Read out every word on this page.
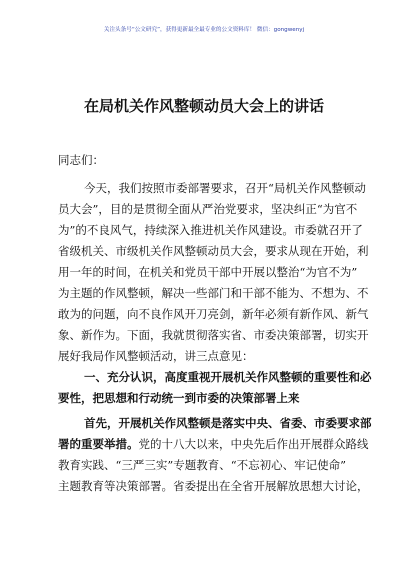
关注头条号“公文研究”，获得更新最全最专业的公文资料库！ 微信：gongwenyj
在局机关作风整顿动员大会上的讲话
同志们：
今天，我们按照市委部署要求，召开“局机关作风整顿动
员大会”，目的是贯彻全面从严治党要求，坚决纠正“为官不
为”的不良风气，持续深入推进机关作风建设。市委就召开了
省级机关、市级机关作风整顿动员大会，要求从现在开始，利
用一年的时间，在机关和党员干部中开展以整治“为官不为”
为主题的作风整顿，解决一些部门和干部不能为、不想为、不
敢为的问题，向不良作风开刀亮剑，新年必须有新作风、新气
象、新作为。下面，我就贯彻落实省、市委决策部署，切实开
展好我局作风整顿活动，讲三点意见：
一、充分认识，高度重视开展机关作风整顿的重要性和必
要性，把思想和行动统一到市委的决策部署上来
首先，开展机关作风整顿是落实中央、省委、市委要求部
署的重要举措。党的十八大以来，中央先后作出开展群众路线
教育实践、“三严三实”专题教育、“不忘初心、牢记使命”
主题教育等决策部署。省委提出在全省开展解放思想大讨论，
